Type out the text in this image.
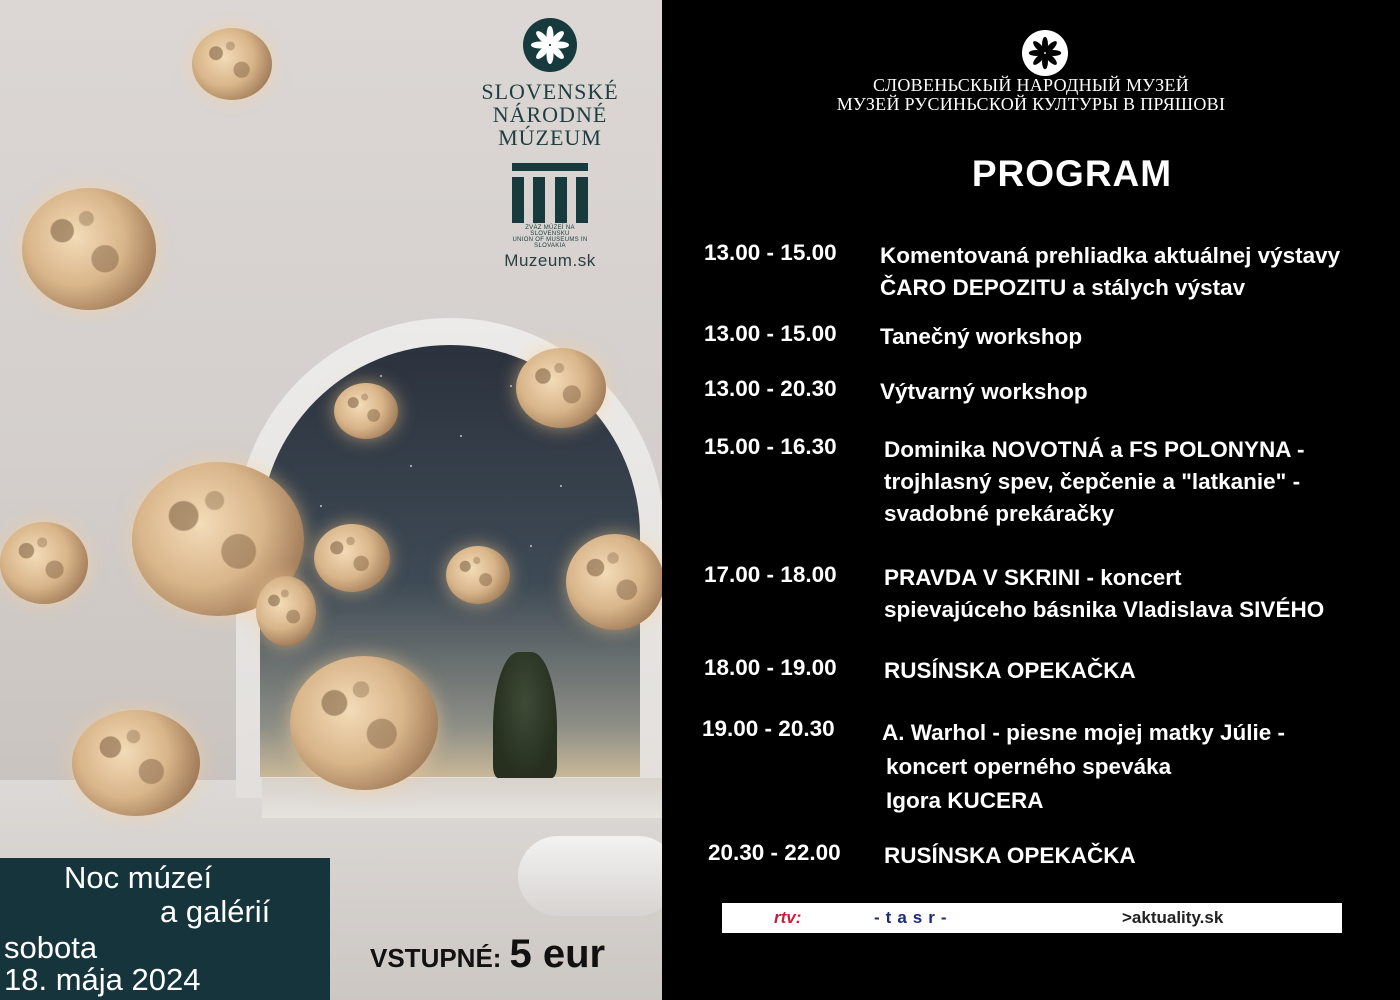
SLOVENSKÉ
NÁRODNÉ
MÚZEUM
ZVÄZ MÚZEÍ NA SLOVENSKU
UNION OF MUSEUMS IN SLOVAKIA
Muzeum.sk
Noc múzeí
a galérií
sobota
18. mája 2024
VSTUPNÉ: 5 eur
СЛОВЕНЬСКЫЙ НАРОДНЫЙ МУЗЕЙ
МУЗЕЙ РУСИНЬСКОЙ КУЛТУРЫ В ПРЯШОВІ
PROGRAM
13.00 - 15.00 Komentovaná prehliadka aktuálnej výstavy
ČARO DEPOZITU a stálych výstav
13.00 - 15.00 Tanečný workshop
13.00 - 20.30 Výtvarný workshop
15.00 - 16.30 Dominika NOVOTNÁ a FS POLONYNA -
trojhlasný spev, čepčenie a "latkanie" -
svadobné prekáračky
17.00 - 18.00 PRAVDA V SKRINI - koncert
spievajúceho básnika Vladislava SIVÉHO
18.00 - 19.00 RUSÍNSKA OPEKAČKA
19.00 - 20.30 A. Warhol - piesne mojej matky Júlie -
koncert operného speváka
Igora KUCERA
20.30 - 22.00 RUSÍNSKA OPEKAČKA
rtv:	-tasr-	>aktuality.sk
